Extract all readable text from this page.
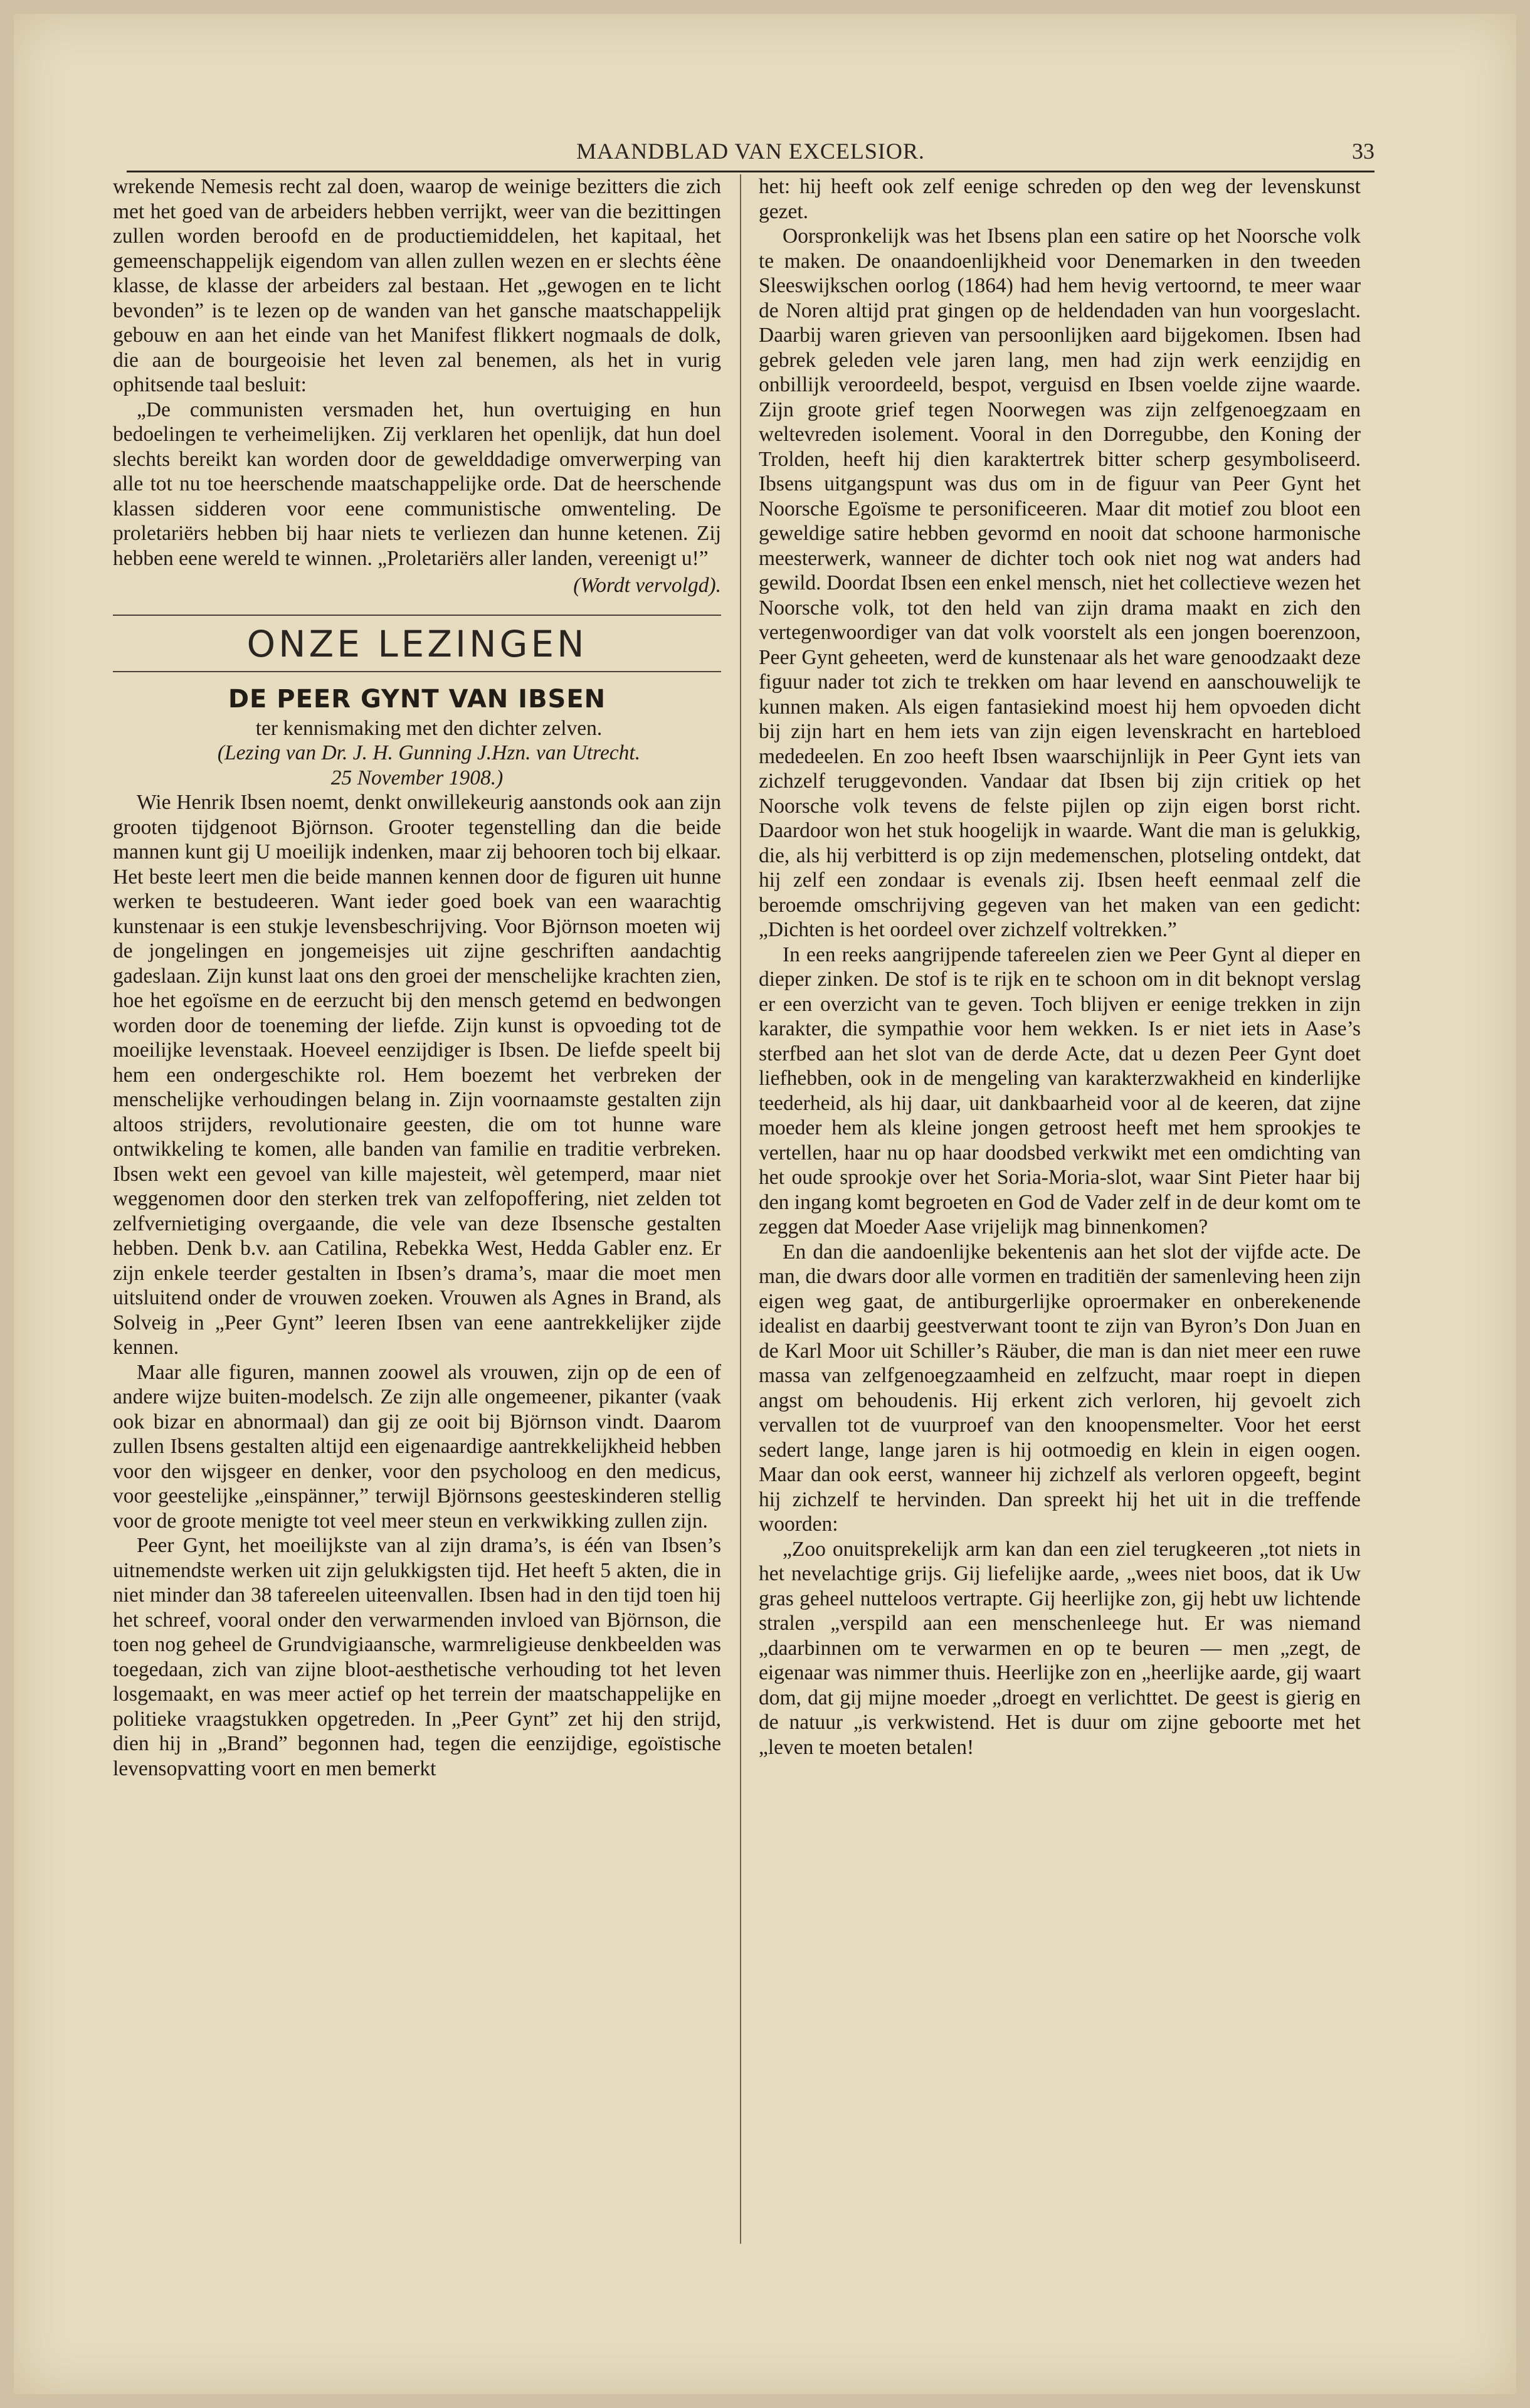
MAANDBLAD VAN EXCELSIOR.	33

wrekende Nemesis recht zal doen, waarop de weinige bezitters die zich met het goed van de arbeiders hebben verrijkt, weer van die bezittingen zullen worden beroofd en de productiemiddelen, het kapitaal, het gemeenschappelijk eigendom van allen zullen wezen en er slechts éène klasse, de klasse der arbeiders zal bestaan. Het „gewogen en te licht bevonden” is te lezen op de wanden van het gansche maatschappelijk gebouw en aan het einde van het Manifest flikkert nogmaals de dolk, die aan de bourgeoisie het leven zal benemen, als het in vurig ophitsende taal besluit:

„De communisten versmaden het, hun overtuiging en hun bedoelingen te verheimelijken. Zij verklaren het openlijk, dat hun doel slechts bereikt kan worden door de gewelddadige omverwerping van alle tot nu toe heerschende maatschappelijke orde. Dat de heerschende klassen sidderen voor eene communistische omwenteling. De proletariërs hebben bij haar niets te verliezen dan hunne ketenen. Zij hebben eene wereld te winnen. „Proletariërs aller landen, vereenigt u!”

(Wordt vervolgd).

ONZE LEZINGEN
DE PEER GYNT VAN IBSEN

ter kennismaking met den dichter zelven.

(Lezing van Dr. J. H. Gunning J.Hzn. van Utrecht.
25 November 1908.)

Wie Henrik Ibsen noemt, denkt onwillekeurig aanstonds ook aan zijn grooten tijdgenoot Björnson. Grooter tegenstelling dan die beide mannen kunt gij U moeilijk indenken, maar zij behooren toch bij elkaar. Het beste leert men die beide mannen kennen door de figuren uit hunne werken te bestudeeren. Want ieder goed boek van een waarachtig kunstenaar is een stukje levensbeschrijving. Voor Björnson moeten wij de jongelingen en jongemeisjes uit zijne geschriften aandachtig gadeslaan. Zijn kunst laat ons den groei der menschelijke krachten zien, hoe het egoïsme en de eerzucht bij den mensch getemd en bedwongen worden door de toeneming der liefde. Zijn kunst is opvoeding tot de moeilijke levenstaak. Hoeveel eenzijdiger is Ibsen. De liefde speelt bij hem een ondergeschikte rol. Hem boezemt het verbreken der menschelijke verhoudingen belang in. Zijn voornaamste gestalten zijn altoos strijders, revolutionaire geesten, die om tot hunne ware ontwikkeling te komen, alle banden van familie en traditie verbreken. Ibsen wekt een gevoel van kille majesteit, wèl getemperd, maar niet weggenomen door den sterken trek van zelfopoffering, niet zelden tot zelfvernietiging overgaande, die vele van deze Ibsensche gestalten hebben. Denk b.v. aan Catilina, Rebekka West, Hedda Gabler enz. Er zijn enkele teerder gestalten in Ibsen’s drama’s, maar die moet men uitsluitend onder de vrouwen zoeken. Vrouwen als Agnes in Brand, als Solveig in „Peer Gynt” leeren Ibsen van eene aantrekkelijker zijde kennen.

Maar alle figuren, mannen zoowel als vrouwen, zijn op de een of andere wijze buiten-modelsch. Ze zijn alle ongemeener, pikanter (vaak ook bizar en abnormaal) dan gij ze ooit bij Björnson vindt. Daarom zullen Ibsens gestalten altijd een eigenaardige aantrekkelijkheid hebben voor den wijsgeer en denker, voor den psycholoog en den medicus, voor geestelijke „einspänner,” terwijl Björnsons geesteskinderen stellig voor de groote menigte tot veel meer steun en verkwikking zullen zijn.

Peer Gynt, het moeilijkste van al zijn drama’s, is één van Ibsen’s uitnemendste werken uit zijn gelukkigsten tijd. Het heeft 5 akten, die in niet minder dan 38 tafereelen uiteenvallen. Ibsen had in den tijd toen hij het schreef, vooral onder den verwarmenden invloed van Björnson, die toen nog geheel de Grundvigiaansche, warmreligieuse denkbeelden was toegedaan, zich van zijne bloot-aesthetische verhouding tot het leven losgemaakt, en was meer actief op het terrein der maatschappelijke en politieke vraagstukken opgetreden. In „Peer Gynt” zet hij den strijd, dien hij in „Brand” begonnen had, tegen die eenzijdige, egoïstische levensopvatting voort en men bemerkt

het: hij heeft ook zelf eenige schreden op den weg der levenskunst gezet.

Oorspronkelijk was het Ibsens plan een satire op het Noorsche volk te maken. De onaandoenlijkheid voor Denemarken in den tweeden Sleeswijkschen oorlog (1864) had hem hevig vertoornd, te meer waar de Noren altijd prat gingen op de heldendaden van hun voorgeslacht. Daarbij waren grieven van persoonlijken aard bijgekomen. Ibsen had gebrek geleden vele jaren lang, men had zijn werk eenzijdig en onbillijk veroordeeld, bespot, verguisd en Ibsen voelde zijne waarde. Zijn groote grief tegen Noorwegen was zijn zelfgenoegzaam en weltevreden isolement. Vooral in den Dorregubbe, den Koning der Trolden, heeft hij dien karaktertrek bitter scherp gesymboliseerd. Ibsens uitgangspunt was dus om in de figuur van Peer Gynt het Noorsche Egoïsme te personificeeren. Maar dit motief zou bloot een geweldige satire hebben gevormd en nooit dat schoone harmonische meesterwerk, wanneer de dichter toch ook niet nog wat anders had gewild. Doordat Ibsen een enkel mensch, niet het collectieve wezen het Noorsche volk, tot den held van zijn drama maakt en zich den vertegenwoordiger van dat volk voorstelt als een jongen boerenzoon, Peer Gynt geheeten, werd de kunstenaar als het ware genoodzaakt deze figuur nader tot zich te trekken om haar levend en aanschouwelijk te kunnen maken. Als eigen fantasiekind moest hij hem opvoeden dicht bij zijn hart en hem iets van zijn eigen levenskracht en hartebloed mededeelen. En zoo heeft Ibsen waarschijnlijk in Peer Gynt iets van zichzelf teruggevonden. Vandaar dat Ibsen bij zijn critiek op het Noorsche volk tevens de felste pijlen op zijn eigen borst richt. Daardoor won het stuk hoogelijk in waarde. Want die man is gelukkig, die, als hij verbitterd is op zijn medemenschen, plotseling ontdekt, dat hij zelf een zondaar is evenals zij. Ibsen heeft eenmaal zelf die beroemde omschrijving gegeven van het maken van een gedicht: „Dichten is het oordeel over zichzelf voltrekken.”

In een reeks aangrijpende tafereelen zien we Peer Gynt al dieper en dieper zinken. De stof is te rijk en te schoon om in dit beknopt verslag er een overzicht van te geven. Toch blijven er eenige trekken in zijn karakter, die sympathie voor hem wekken. Is er niet iets in Aase’s sterfbed aan het slot van de derde Acte, dat u dezen Peer Gynt doet liefhebben, ook in de mengeling van karakterzwakheid en kinderlijke teederheid, als hij daar, uit dankbaarheid voor al de keeren, dat zijne moeder hem als kleine jongen getroost heeft met hem sprookjes te vertellen, haar nu op haar doodsbed verkwikt met een omdichting van het oude sprookje over het Soria-Moria-slot, waar Sint Pieter haar bij den ingang komt begroeten en God de Vader zelf in de deur komt om te zeggen dat Moeder Aase vrijelijk mag binnenkomen?

En dan die aandoenlijke bekentenis aan het slot der vijfde acte. De man, die dwars door alle vormen en traditiën der samenleving heen zijn eigen weg gaat, de antiburgerlijke oproermaker en onberekenende idealist en daarbij geestverwant toont te zijn van Byron’s Don Juan en de Karl Moor uit Schiller’s Räuber, die man is dan niet meer een ruwe massa van zelfgenoegzaamheid en zelfzucht, maar roept in diepen angst om behoudenis. Hij erkent zich verloren, hij gevoelt zich vervallen tot de vuurproef van den knoopensmelter. Voor het eerst sedert lange, lange jaren is hij ootmoedig en klein in eigen oogen. Maar dan ook eerst, wanneer hij zichzelf als verloren opgeeft, begint hij zichzelf te hervinden. Dan spreekt hij het uit in die treffende woorden:

„Zoo onuitsprekelijk arm kan dan een ziel terugkeeren „tot niets in het nevelachtige grijs. Gij liefelijke aarde, „wees niet boos, dat ik Uw gras geheel nutteloos vertrapte. Gij heerlijke zon, gij hebt uw lichtende stralen „verspild aan een menschenleege hut. Er was niemand „daarbinnen om te verwarmen en op te beuren — men „zegt, de eigenaar was nimmer thuis. Heerlijke zon en „heerlijke aarde, gij waart dom, dat gij mijne moeder „droegt en verlichttet. De geest is gierig en de natuur „is verkwistend. Het is duur om zijne geboorte met het „leven te moeten betalen!
